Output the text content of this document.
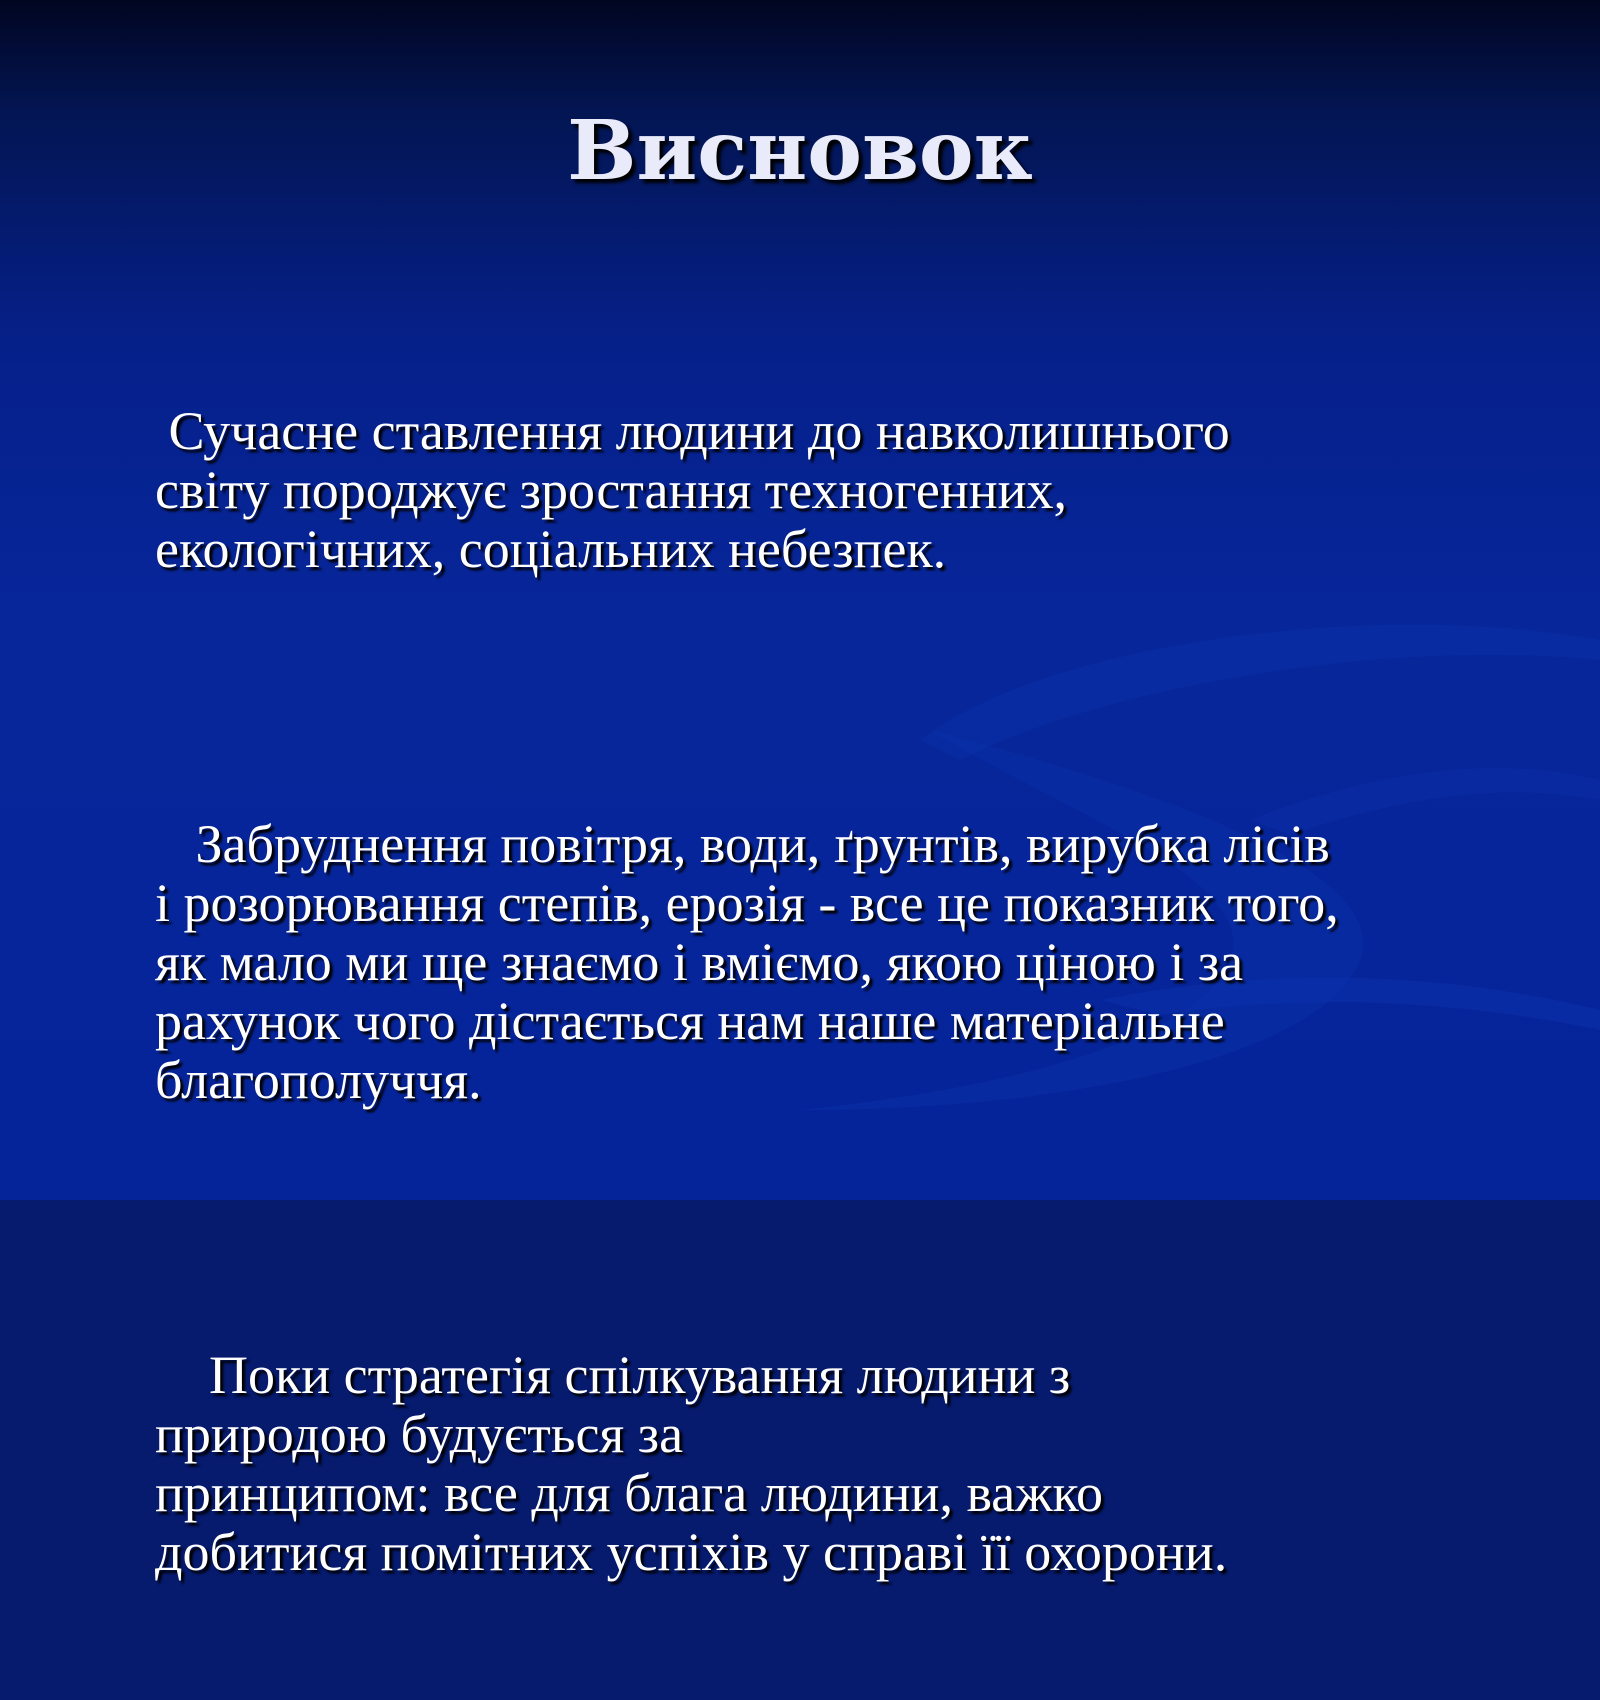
Висновок

Сучасне ставлення людини до навколишнього
світу породжує зростання техногенних,
екологічних, соціальних небезпек.

Забруднення повітря, води, ґрунтів, вирубка лісів
і розорювання степів, ерозія - все це показник того,
як мало ми ще знаємо і вміємо, якою ціною і за
рахунок чого дістається нам наше матеріальне
благополуччя.

Поки стратегія спілкування людини з
природою будується за
принципом: все для блага людини, важко
добитися помітних успіхів у справі її охорони.
